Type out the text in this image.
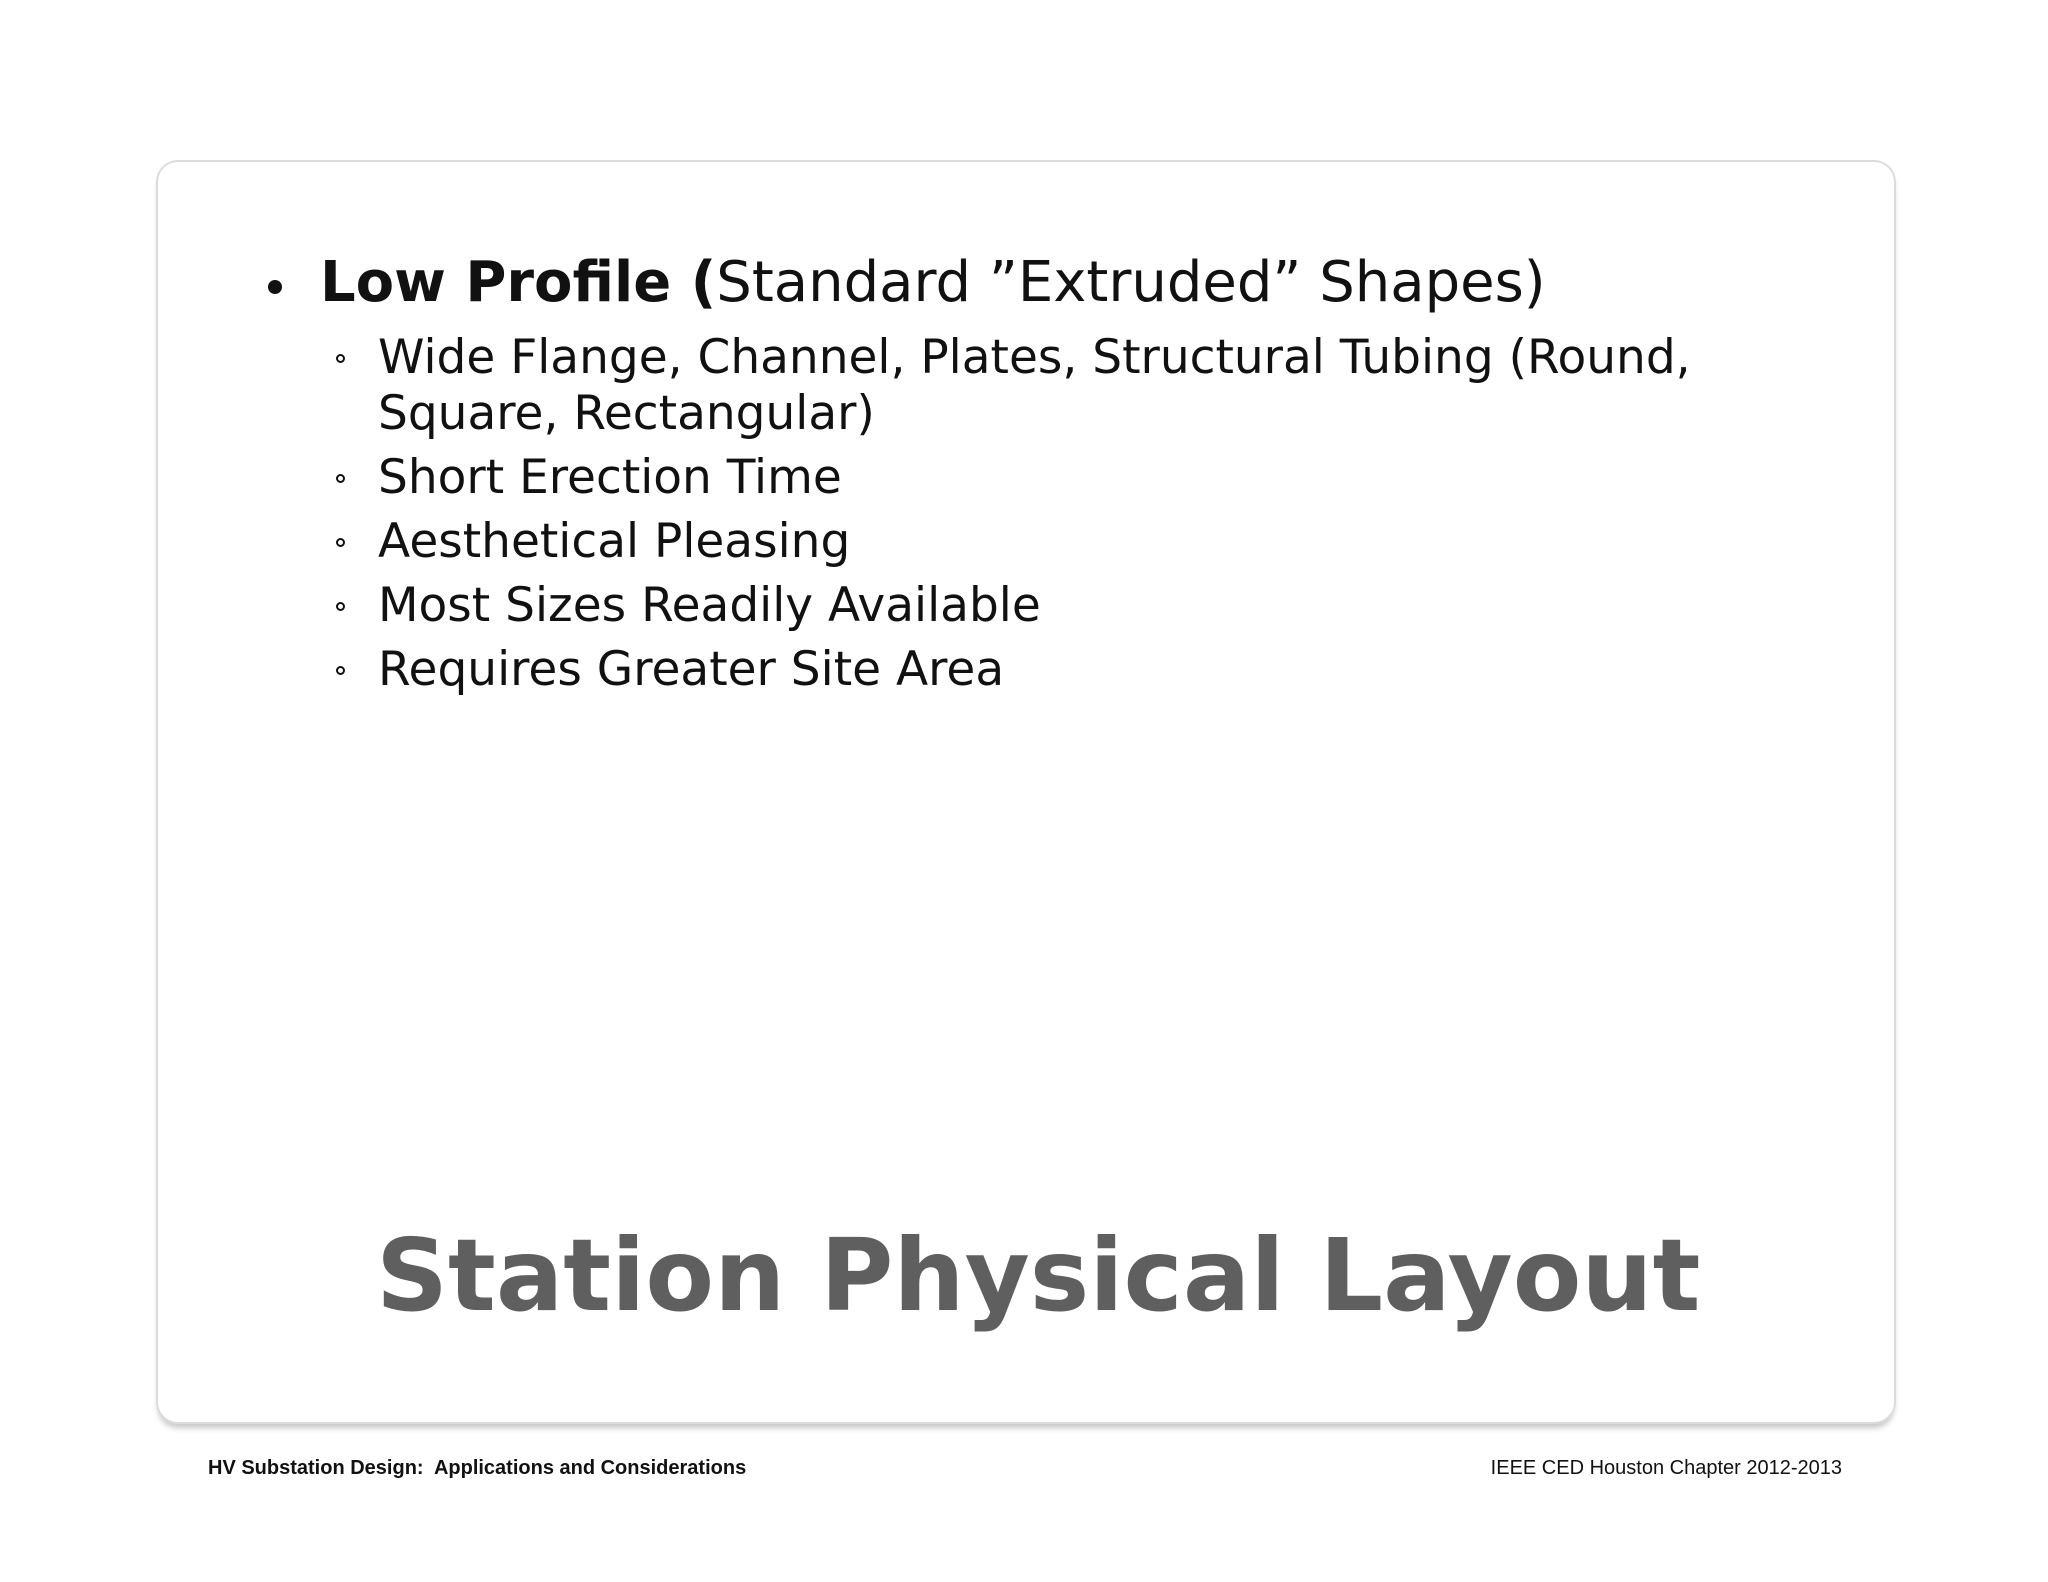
Low Profile (Standard ”Extruded” Shapes)
Wide Flange, Channel, Plates, Structural Tubing (Round, Square, Rectangular)
Short Erection Time
Aesthetical Pleasing
Most Sizes Readily Available
Requires Greater Site Area
Station Physical Layout
HV Substation Design:  Applications and Considerations	IEEE CED Houston Chapter 2012-2013
